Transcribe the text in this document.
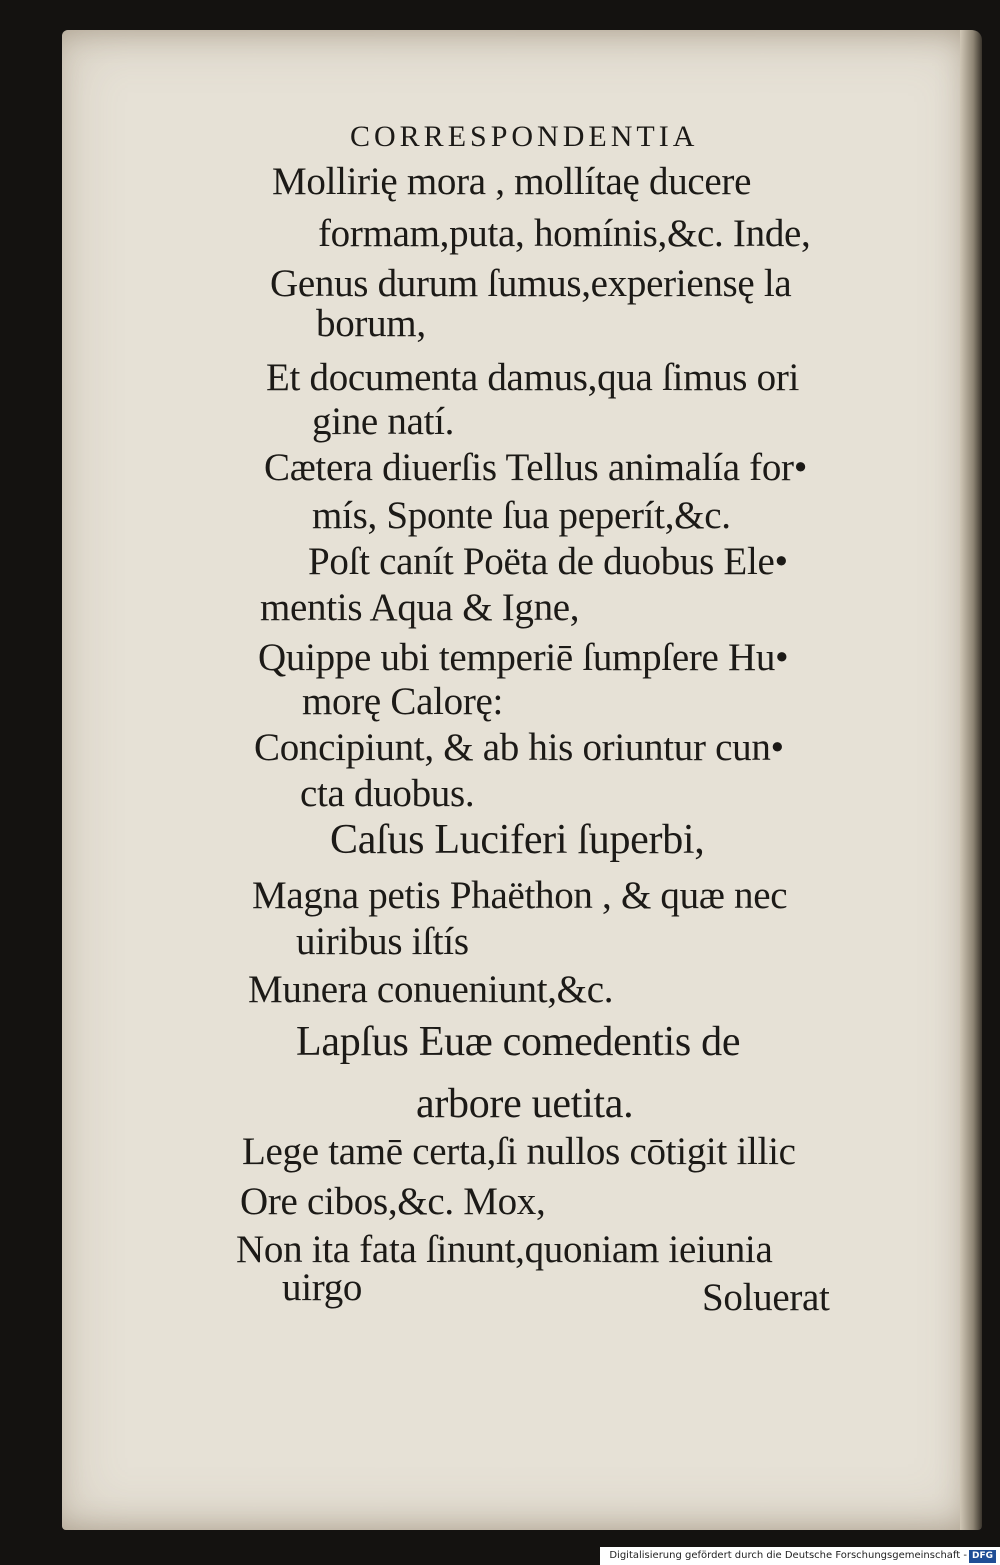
CORRESPONDENTIA
Mollirię mora , mollítaę ducere
formam,puta, homínis,&c. Inde,
Genus durum ſumus,experiensę la
borum,
Et documenta damus,qua ſimus ori
gine natí.
Cætera diuerſis Tellus animalía for•
mís, Sponte ſua peperít,&c.
Poſt canít Poëta de duobus Ele•
mentis Aqua & Igne,
Quippe ubi temperiē ſumpſere Hu•
morę Calorę:
Concipiunt, & ab his oriuntur cun•
cta duobus.
Caſus Luciferi ſuperbi,
Magna petis Phaëthon , & quæ nec
uiribus iſtís
Munera conueniunt,&c.
Lapſus Euæ comedentis de
arbore uetita.
Lege tamē certa,ſi nullos cōtigit illic
Ore cibos,&c. Mox,
Non ita fata ſinunt,quoniam ieiunia
uirgo	Soluerat
Digitalisierung gefördert durch die Deutsche Forschungsgemeinschaft - DFG
